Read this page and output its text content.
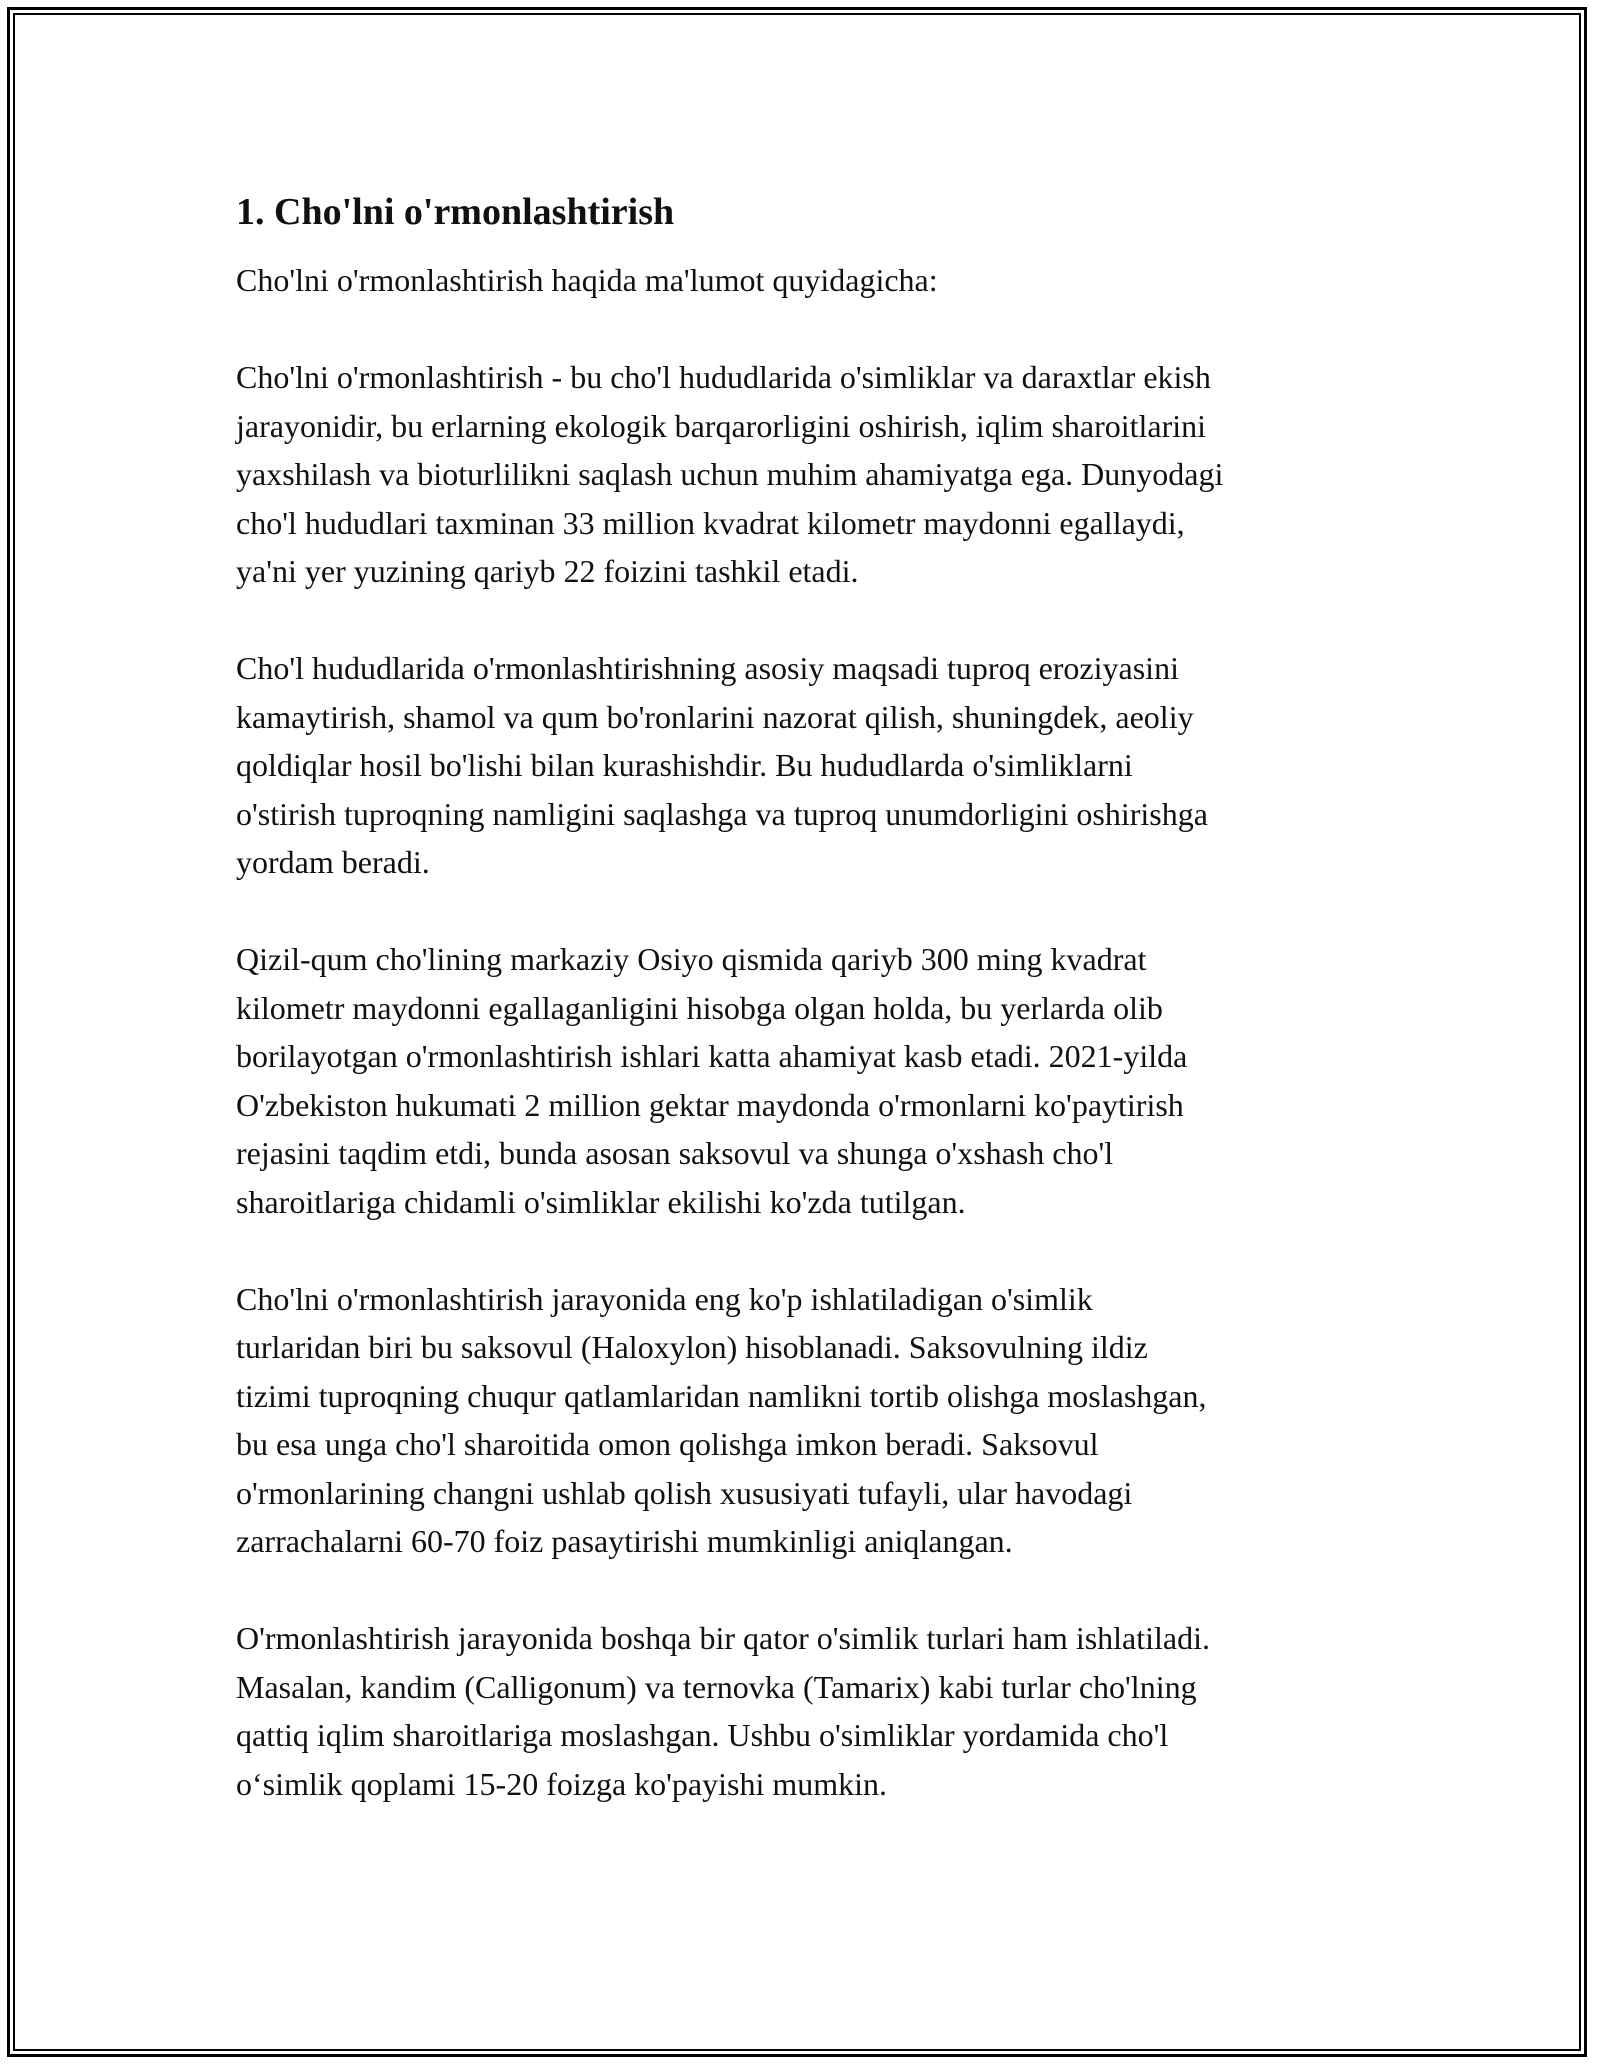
1. Cho'lni o'rmonlashtirish
Cho'lni o'rmonlashtirish haqida ma'lumot quyidagicha:
Cho'lni o'rmonlashtirish - bu cho'l hududlarida o'simliklar va daraxtlar ekish
jarayonidir, bu erlarning ekologik barqarorligini oshirish, iqlim sharoitlarini
yaxshilash va bioturlilikni saqlash uchun muhim ahamiyatga ega. Dunyodagi
cho'l hududlari taxminan 33 million kvadrat kilometr maydonni egallaydi,
ya'ni yer yuzining qariyb 22 foizini tashkil etadi.
Cho'l hududlarida o'rmonlashtirishning asosiy maqsadi tuproq eroziyasini
kamaytirish, shamol va qum bo'ronlarini nazorat qilish, shuningdek, aeoliy
qoldiqlar hosil bo'lishi bilan kurashishdir. Bu hududlarda o'simliklarni
o'stirish tuproqning namligini saqlashga va tuproq unumdorligini oshirishga
yordam beradi.
Qizil-qum cho'lining markaziy Osiyo qismida qariyb 300 ming kvadrat
kilometr maydonni egallaganligini hisobga olgan holda, bu yerlarda olib
borilayotgan o'rmonlashtirish ishlari katta ahamiyat kasb etadi. 2021-yilda
O'zbekiston hukumati 2 million gektar maydonda o'rmonlarni ko'paytirish
rejasini taqdim etdi, bunda asosan saksovul va shunga o'xshash cho'l
sharoitlariga chidamli o'simliklar ekilishi ko'zda tutilgan.
Cho'lni o'rmonlashtirish jarayonida eng ko'p ishlatiladigan o'simlik
turlaridan biri bu saksovul (Haloxylon) hisoblanadi. Saksovulning ildiz
tizimi tuproqning chuqur qatlamlaridan namlikni tortib olishga moslashgan,
bu esa unga cho'l sharoitida omon qolishga imkon beradi. Saksovul
o'rmonlarining changni ushlab qolish xususiyati tufayli, ular havodagi
zarrachalarni 60-70 foiz pasaytirishi mumkinligi aniqlangan.
O'rmonlashtirish jarayonida boshqa bir qator o'simlik turlari ham ishlatiladi.
Masalan, kandim (Calligonum) va ternovka (Tamarix) kabi turlar cho'lning
qattiq iqlim sharoitlariga moslashgan. Ushbu o'simliklar yordamida cho'l
o‘simlik qoplami 15-20 foizga ko'payishi mumkin.
